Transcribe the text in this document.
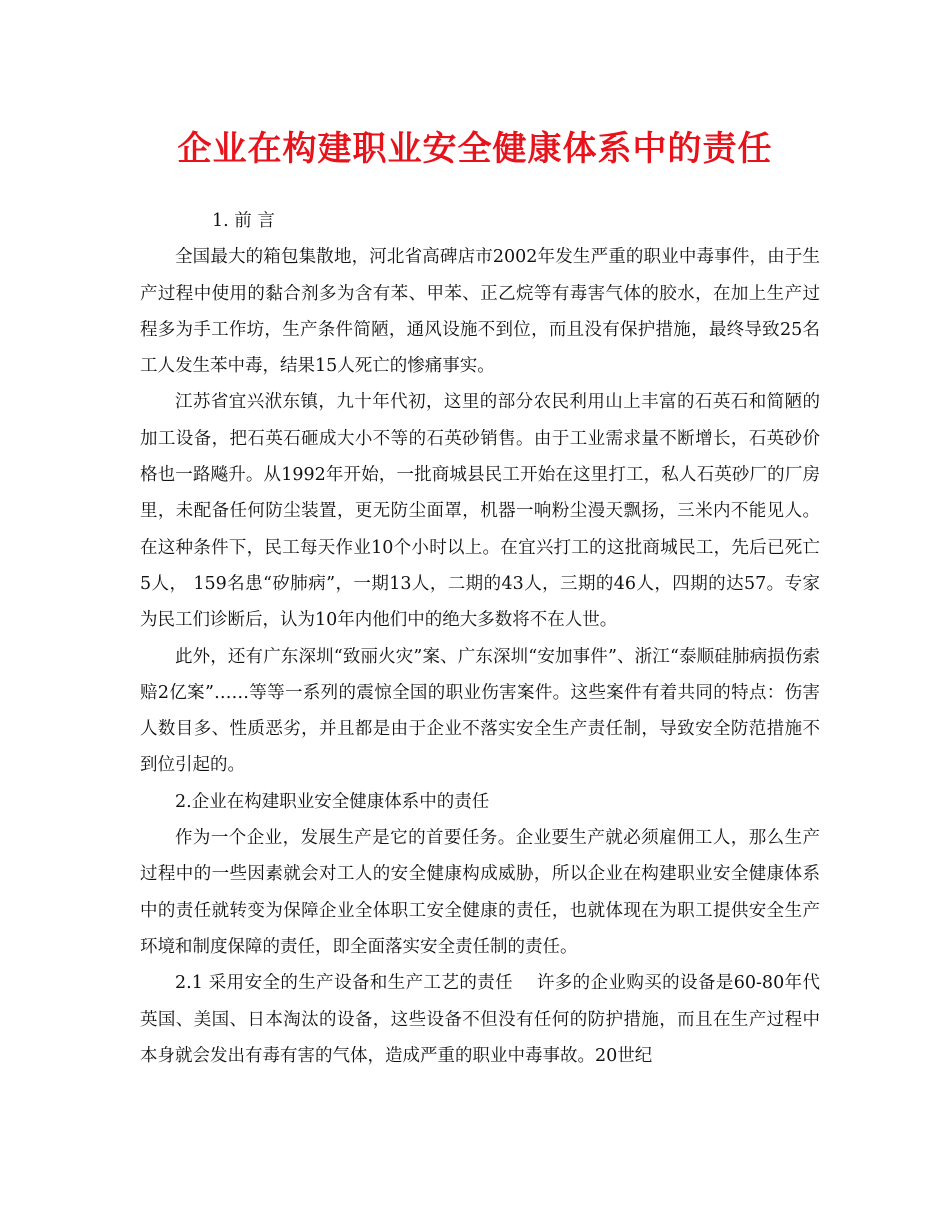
企业在构建职业安全健康体系中的责任

1. 前 言

全国最大的箱包集散地，河北省高碑店市2002年发生严重的职业中毒事件，由于生产过程中使用的黏合剂多为含有苯、甲苯、正乙烷等有毒害气体的胶水，在加上生产过程多为手工作坊，生产条件简陋，通风设施不到位，而且没有保护措施，最终导致25名工人发生苯中毒，结果15人死亡的惨痛事实。

江苏省宜兴洑东镇，九十年代初，这里的部分农民利用山上丰富的石英石和简陋的加工设备，把石英石砸成大小不等的石英砂销售。由于工业需求量不断增长，石英砂价格也一路飚升。从1992年开始，一批商城县民工开始在这里打工，私人石英砂厂的厂房里，未配备任何防尘装置，更无防尘面罩，机器一响粉尘漫天飘扬，三米内不能见人。在这种条件下，民工每天作业10个小时以上。在宜兴打工的这批商城民工，先后已死亡5人， 159名患“矽肺病”，一期13人，二期的43人，三期的46人，四期的达57。专家为民工们诊断后，认为10年内他们中的绝大多数将不在人世。

此外，还有广东深圳“致丽火灾”案、广东深圳“安加事件”、浙江“泰顺硅肺病损伤索赔2亿案”……等等一系列的震惊全国的职业伤害案件。这些案件有着共同的特点：伤害人数目多、性质恶劣，并且都是由于企业不落实安全生产责任制，导致安全防范措施不到位引起的。

2.企业在构建职业安全健康体系中的责任

作为一个企业，发展生产是它的首要任务。企业要生产就必须雇佣工人，那么生产过程中的一些因素就会对工人的安全健康构成威胁，所以企业在构建职业安全健康体系中的责任就转变为保障企业全体职工安全健康的责任，也就体现在为职工提供安全生产环境和制度保障的责任，即全面落实安全责任制的责任。

2.1 采用安全的生产设备和生产工艺的责任　 许多的企业购买的设备是60-80年代英国、美国、日本淘汰的设备，这些设备不但没有任何的防护措施，而且在生产过程中本身就会发出有毒有害的气体，造成严重的职业中毒事故。20世纪
